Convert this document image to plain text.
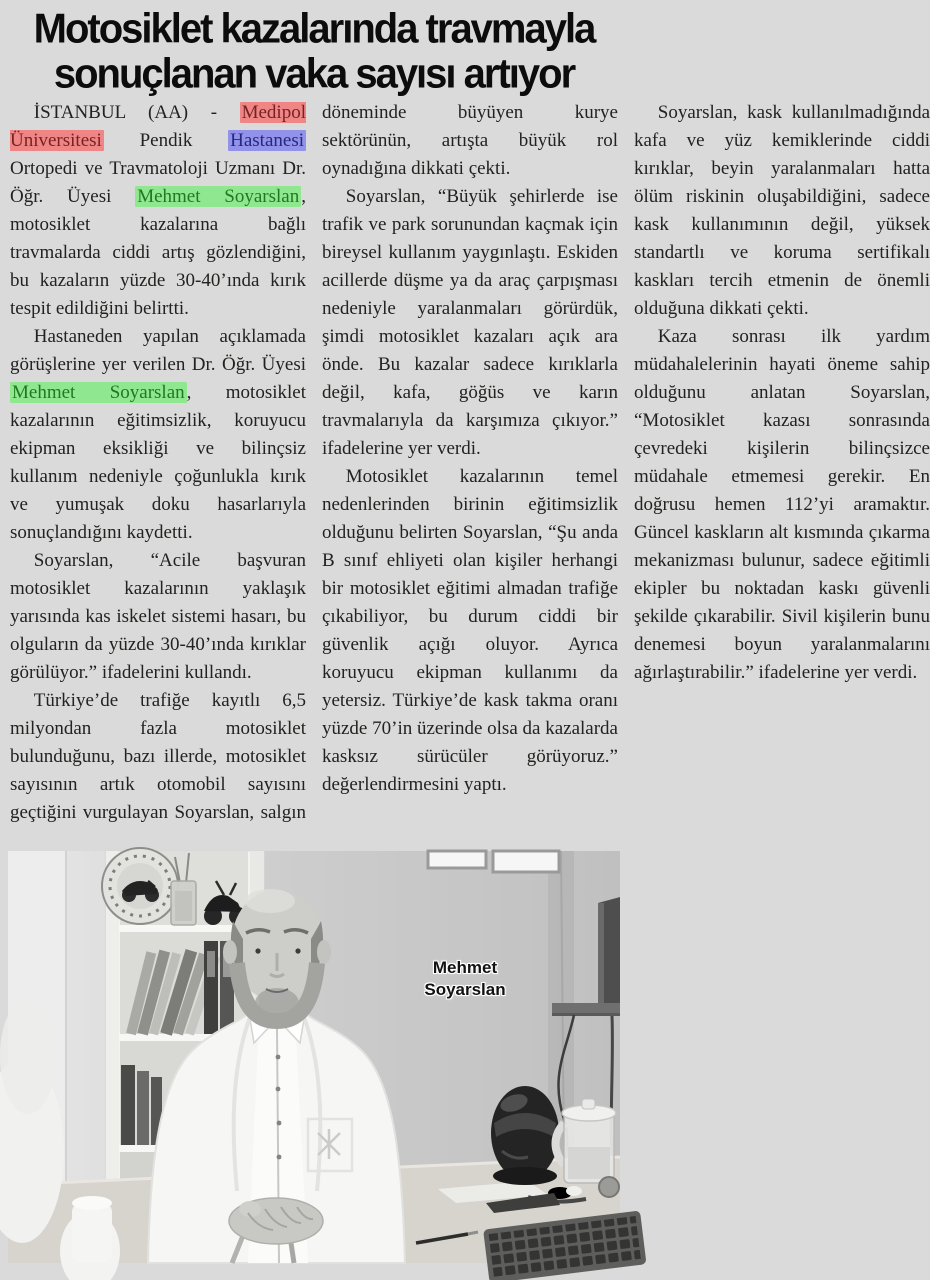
Motosiklet kazalarında travmayla sonuçlanan vaka sayısı artıyor

İSTANBUL (AA) - Medipol Üniversitesi Pendik Hastanesi Ortopedi ve Travmatoloji Uzmanı Dr. Öğr. Üyesi Mehmet Soyarslan , motosiklet kazalarına bağlı travmalarda ciddi artış gözlendiğini, bu kazaların yüzde 30-40’ında kırık tespit edildiğini belirtti.

Hastaneden yapılan açıklamada görüşlerine yer verilen Dr. Öğr. Üyesi Mehmet Soyarslan , motosiklet kazalarının eğitimsizlik, koruyucu ekipman eksikliği ve bilinçsiz kullanım nedeniyle çoğunlukla kırık ve yumuşak doku hasarlarıyla sonuçlandığını kaydetti.

Soyarslan, “Acile başvuran motosiklet kazalarının yaklaşık yarısında kas iskelet sistemi hasarı, bu olguların da yüzde 30-40’ında kırıklar görülüyor.” ifadelerini kullandı.

Türkiye’de trafiğe kayıtlı 6,5 milyondan fazla motosiklet bulunduğunu, bazı illerde, motosiklet sayısının artık otomobil sayısını geçtiğini vurgulayan Soyarslan, salgın döneminde büyüyen kurye sektörünün, artışta büyük rol oynadığına dikkati çekti.

Soyarslan, “Büyük şehirlerde ise trafik ve park sorunundan kaçmak için bireysel kullanım yaygınlaştı. Eskiden acillerde düşme ya da araç çarpışması nedeniyle yaralanmaları görürdük, şimdi motosiklet kazaları açık ara önde. Bu kazalar sadece kırıklarla değil, kafa, göğüs ve karın travmalarıyla da karşımıza çıkıyor.” ifadelerine yer verdi.

Motosiklet kazalarının temel nedenlerinden birinin eğitimsizlik olduğunu belirten Soyarslan, “Şu anda B sınıf ehliyeti olan kişiler herhangi bir motosiklet eğitimi almadan trafiğe çıkabiliyor, bu durum ciddi bir güvenlik açığı oluyor. Ayrıca koruyucu ekipman kullanımı da yetersiz. Türkiye’de kask takma oranı yüzde 70’in üzerinde olsa da kazalarda kasksız sürücüler görüyoruz.” değerlendirmesini yaptı.

Soyarslan, kask kullanılmadığında kafa ve yüz kemiklerinde ciddi kırıklar, beyin yaralanmaları hatta ölüm riskinin oluşabildiğini, sadece kask kullanımının değil, yüksek standartlı ve koruma sertifikalı kaskları tercih etmenin de önemli olduğuna dikkati çekti.

Kaza sonrası ilk yardım müdahalelerinin hayati öneme sahip olduğunu anlatan Soyarslan, “Motosiklet kazası sonrasında çevredeki kişilerin bilinçsizce müdahale etmemesi gerekir. En doğrusu hemen 112’yi aramaktır. Güncel kaskların alt kısmında çıkarma mekanizması bulunur, sadece eğitimli ekipler bu noktadan kaskı güvenli şekilde çıkarabilir. Sivil kişilerin bunu denemesi boyun yaralanmalarını ağırlaştırabilir.” ifadelerine yer verdi.

Mehmet
Soyarslan
